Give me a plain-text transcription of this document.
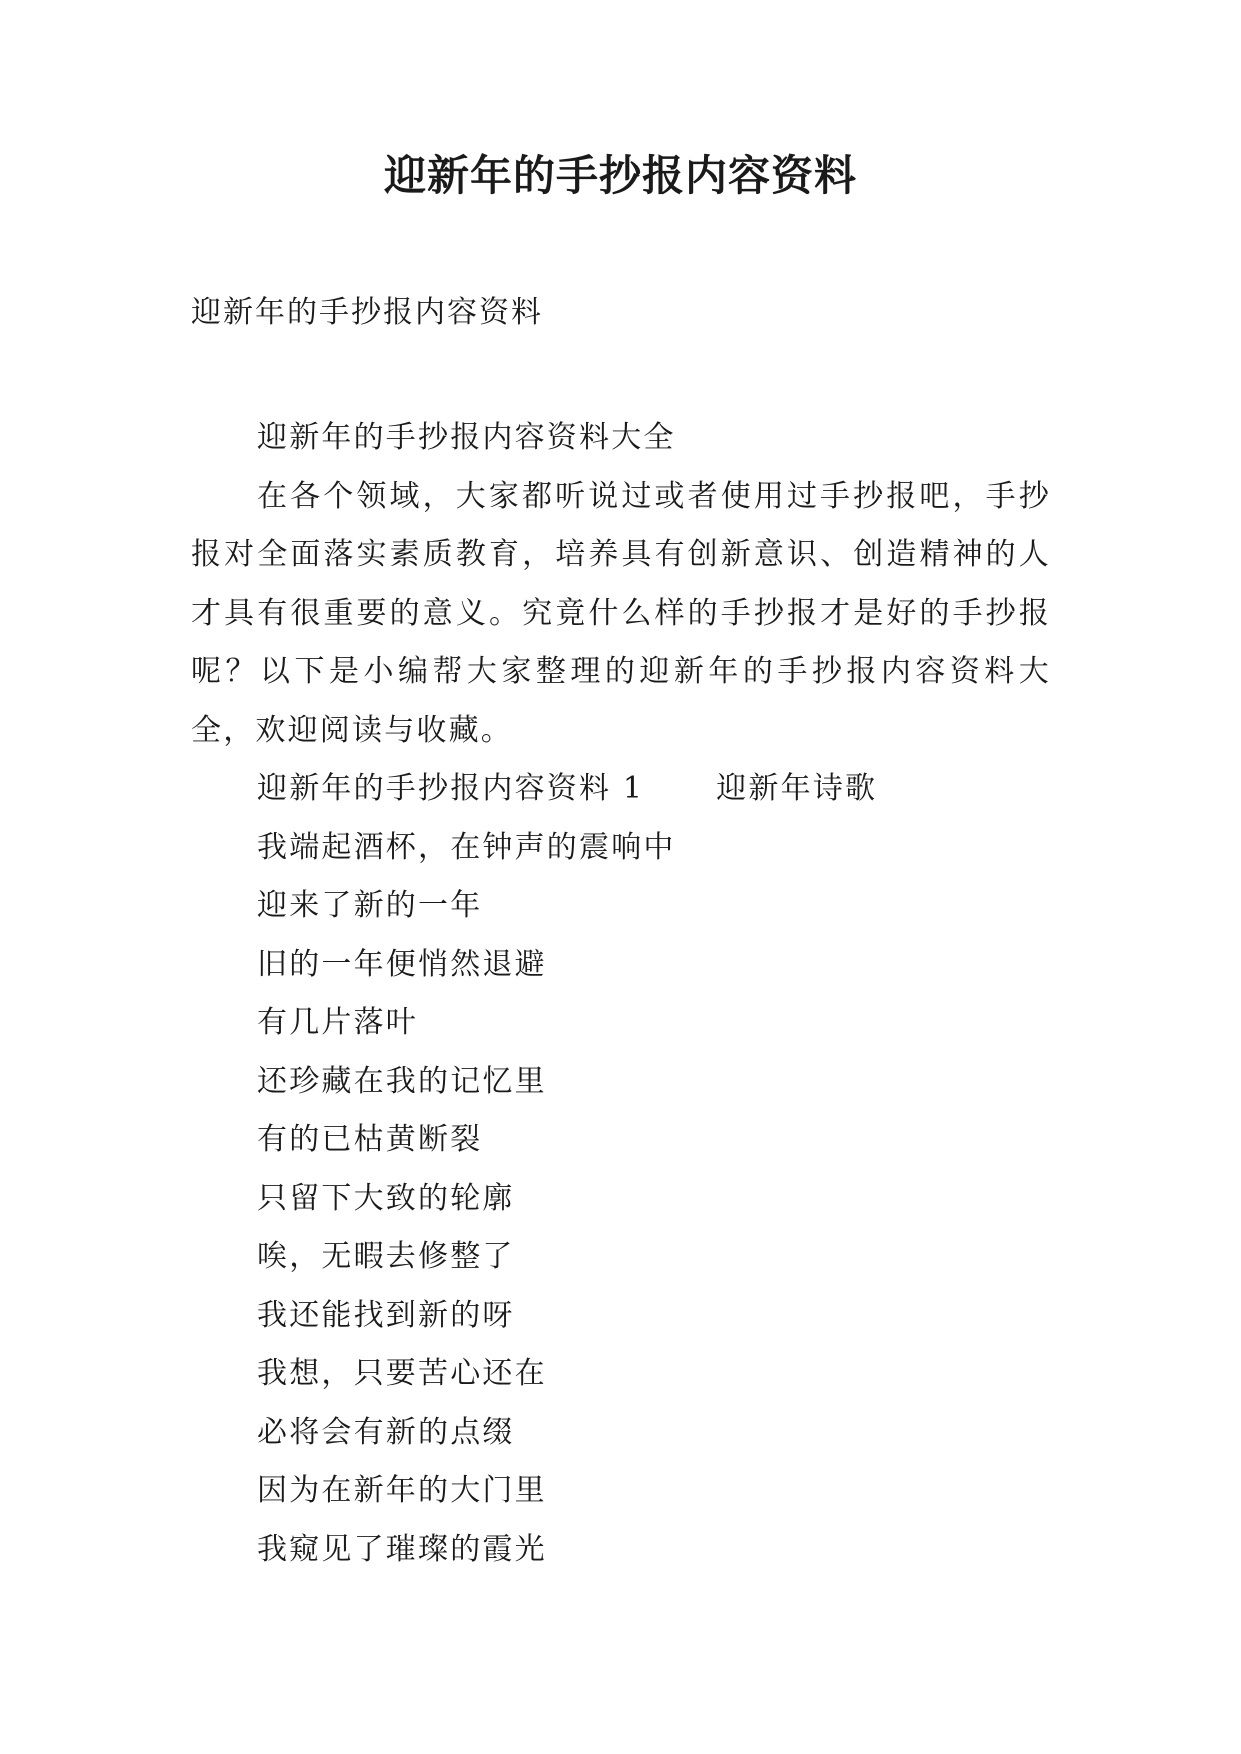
迎新年的手抄报内容资料

迎新年的手抄报内容资料

迎新年的手抄报内容资料大全

在各个领域，大家都听说过或者使用过手抄报吧，手抄报对全面落实素质教育，培养具有创新意识、创造精神的人才具有很重要的意义。究竟什么样的手抄报才是好的手抄报呢？以下是小编帮大家整理的迎新年的手抄报内容资料大全，欢迎阅读与收藏。

迎新年的手抄报内容资料 1 迎新年诗歌

我端起酒杯，在钟声的震响中

迎来了新的一年

旧的一年便悄然退避

有几片落叶

还珍藏在我的记忆里

有的已枯黄断裂

只留下大致的轮廓

唉，无暇去修整了

我还能找到新的呀

我想，只要苦心还在

必将会有新的点缀

因为在新年的大门里

我窥见了璀璨的霞光
